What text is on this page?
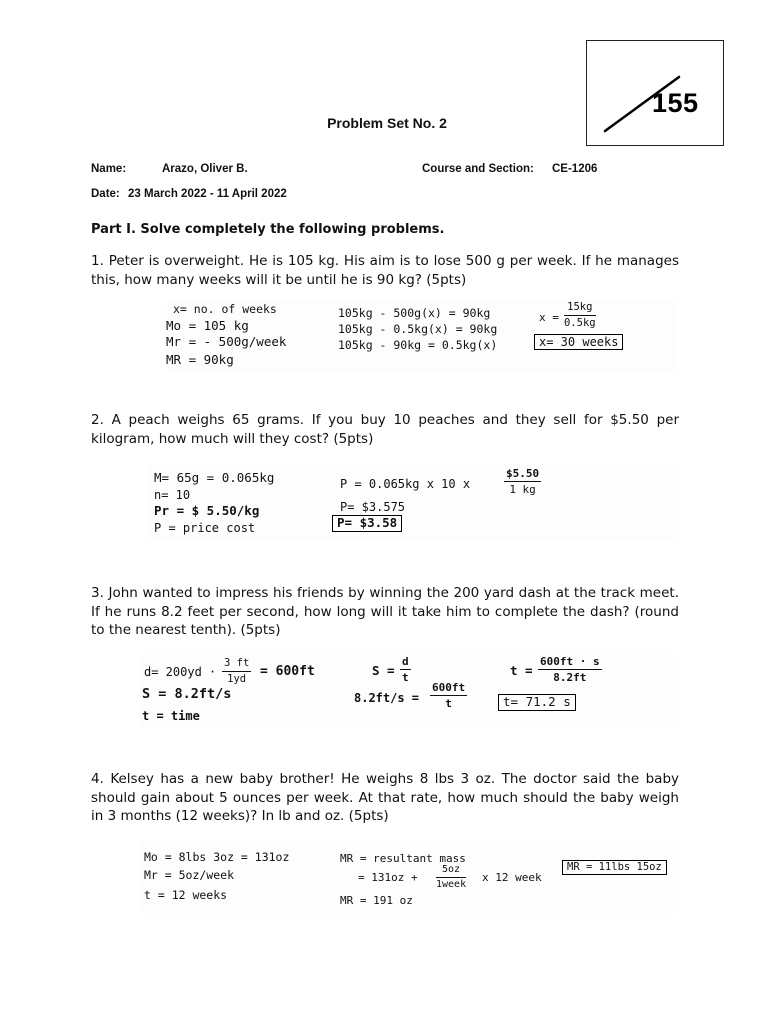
155
Problem Set No. 2
Name:	Arazo, Oliver B.	Course and Section: CE-1206
Date: 23 March 2022 - 11 April 2022
Part I. Solve completely the following problems.
1. Peter is overweight. He is 105 kg. His aim is to lose 500 g per week. If he manages this, how many weeks will it be until he is 90 kg? (5pts)
x= no. of weeks
Mo = 105 kg
Mr = - 500g/week
MR = 90kg
105kg - 500g(x) = 90kg
105kg - 0.5kg(x) = 90kg
105kg - 90kg = 0.5kg(x)
$x = \frac{15kg}{0.5kg}$
x= 30 weeks
2. A peach weighs 65 grams. If you buy 10 peaches and they sell for $5.50 per kilogram, how much will they cost? (5pts)
M= 65g = 0.065kg
n= 10
Pr = $ 5.50/kg
P = price cost
P = 0.065kg x 10 x	$\frac{\$5.50}{1 kg}$
P= $3.575
P= $3.58
3. John wanted to impress his friends by winning the 200 yard dash at the track meet. If he runs 8.2 feet per second, how long will it take him to complete the dash? (round to the nearest tenth). (5pts)
$d= 200yd \cdot \frac{3 ft}{1yd} = 600ft$
S = 8.2ft/s
t = time
$S = \frac{d}{t}$
$8.2ft/s = \frac{600ft}{t}$
$t = \frac{600ft \cdot s}{8.2ft}$
t= 71.2 s
4. Kelsey has a new baby brother! He weighs 8 lbs 3 oz. The doctor said the baby should gain about 5 ounces per week. At that rate, how much should the baby weigh in 3 months (12 weeks)? In lb and oz. (5pts)
Mo = 8lbs 3oz = 131oz
Mr = 5oz/week
t = 12 weeks
MR = resultant mass
= 131oz +
5oz
1week
x 12 week
MR = 191 oz
MR = 11lbs 15oz
